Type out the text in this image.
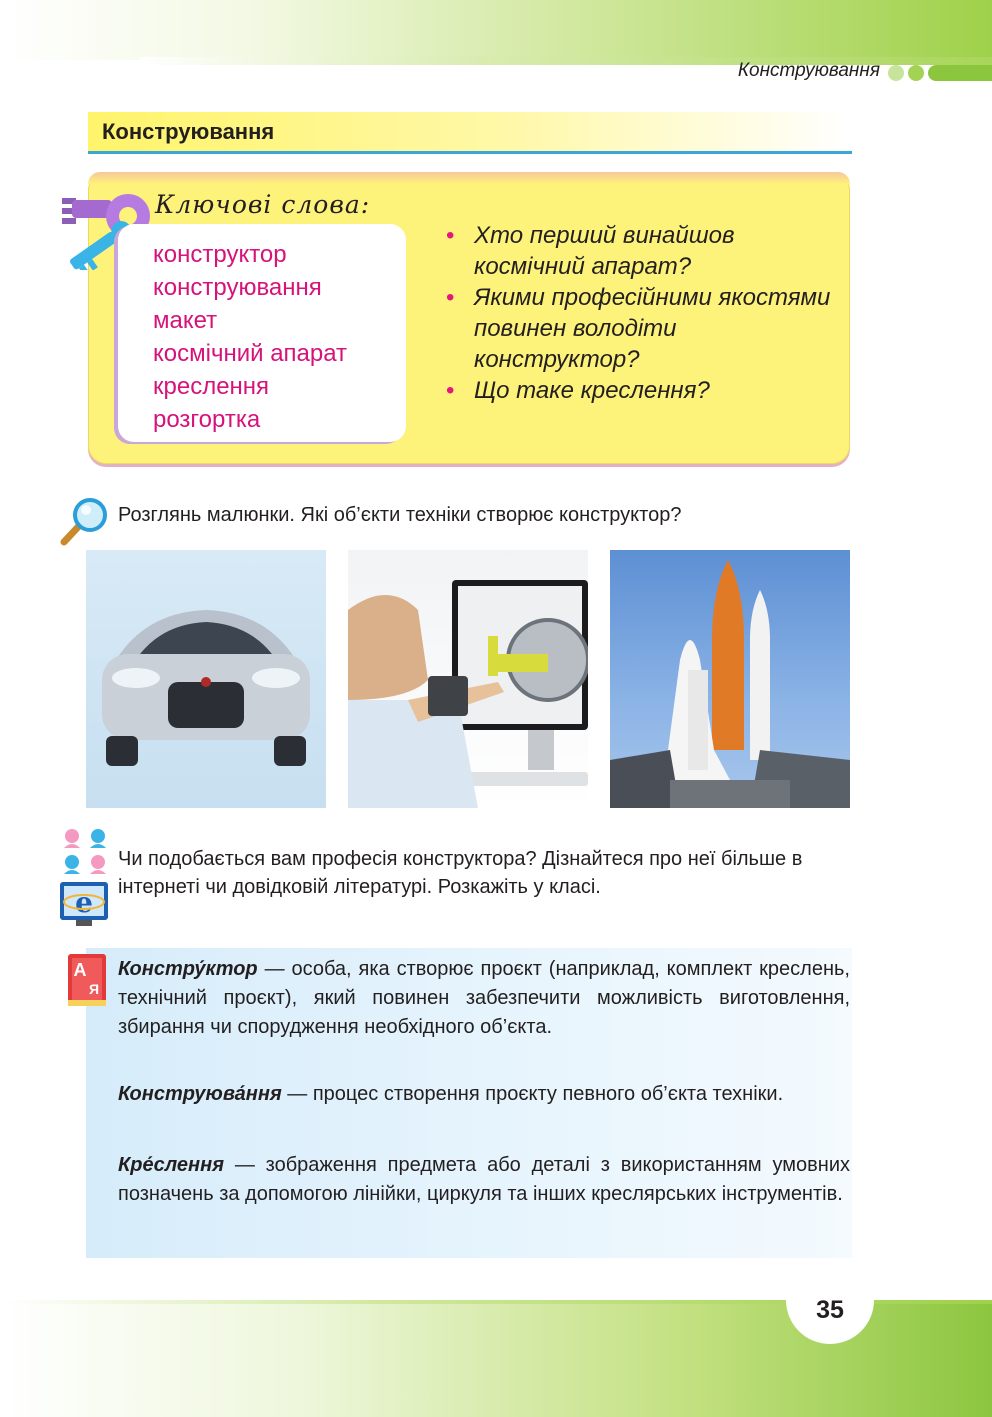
Конструювання
Конструювання
Ключові слова:
конструктор
конструювання
макет
космічний апарат
креслення
розгортка
• Хто перший винайшов космічний апарат?
• Якими професійними якостями повинен володіти конструктор?
• Що таке креслення?
Розглянь малюнки. Які об’єкти техніки створює конструктор?
e
Чи подобається вам професія конструктора? Дізнайтеся про неї більше в інтернеті чи довідковій літературі. Розкажіть у класі.
А
Я

Констру́ктор — особа, яка створює проєкт (наприклад, комплект креслень, технічний проєкт), який повинен забезпечити можливість виготовлення, збирання чи спорудження необхідного об’єкта.

Конструюва́ння — процес створення проєкту певного об’єкта техніки.

Кре́слення — зображення предмета або деталі з використанням умовних позначень за допомогою лінійки, циркуля та інших креслярських інструментів.

35
